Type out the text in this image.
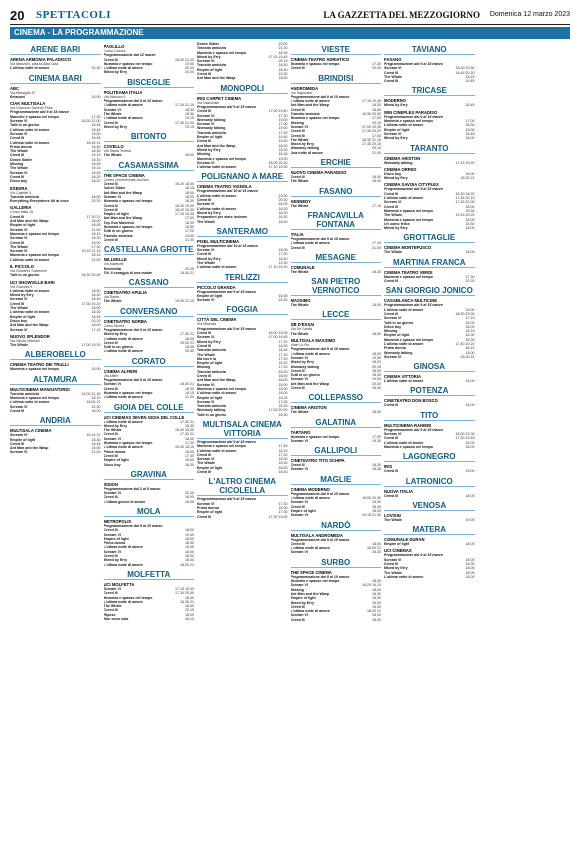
20 SPETTACOLI	LA GAZZETTA DEL MEZZOGIORNO Domenica 12 marzo 2023
CINEMA - LA PROGRAMMAZIONE
ARENE BARI
ARENA ARMONIA PALADISCO
Via Manzoni, piazza Alba Diaz
L'ultima notte di amore	20,30
CINEMA BARI
ABC
Via Marsiglio 47
Emanuel	18,00
CIAK MULTISALA
Via Giacomo Saverio Fiore
Programmazione dal 9 al 15 marzo
Marcello e spasso nel tempo	17,30
Scream VI	18,30 21,00
Tutti in un giorno	18,45
L'ultima notte di amore	18,45
Scream VI	19,00
Creed III	18,45
L'ultima notte di amore	18,45 21
Prima donna	18,40
The Whale	18,30
Creed III	19,15
Donec Slater	18,30
Missing	18,45
The Whale	19,15
Scream VI	18,45
Creed III	18,20
Disco boy	18,20
ESEDRA
Via Calefati 4
Transito amicizia	18,00
Everything Everywhere All at once	20,30
GALLERIA
Corso Italia 15
Creed III	17,30 21
Ant Man and the Wasp	18,00
Empire of light	18,45
Scream VI	21,00
Mummia e spasso nel tempo	18,15
Scream VI	18,30
Creed III	19,00
The Whale	17,30
Scream VI	19,15 21,15
Mummia e spasso nel tempo	18,15
L'ultima notte di amore	21,00
IL PICCOLO
Via Giovanni Salvemini
Tutti in un giorno	18,30 20,45
UCI SHOWVILLE BARI
Via Giannini 9
L'ultima notte di amore	18,00
Mixed by Erry	18,40
Scream VI	18,45
Creed III	17,30 20,20
The Whale	18,00
L'ultima notte di amore	18,30
Empire of light	18,45
Disco boy	20,10
Ant Man and the Wasp	18,00
Scream VI	17,15
NUOVO SPLENDOR
Via Nicola Imbriani
The Whale	17,00 19,30
ALBEROBELLO
CINEMA TEATRO DEI TRULLI
Mummia e spasso nel tempo	18,00
ALTAMURA
MULTICINEMA MANGIATORDI
Transito amicizia	19,00 21,30
Mummia e spasso nel tempo	18,15
L'ultima notte di amore	18,00 21
Scream VI	21,30
Creed III	18,00
ANDRIA
MULTISALA CINEMA
Scream VI	18,15 21
Empire of light	18,30
Creed III	18,45
Ant Man and the Wasp	18,00
Scream VI	21,00
PAOLILLO
Corso Cavour
Programmazione dal 12 marzo
Creed III	18,00 21,00
Mummia e spasso nel tempo	19,00
L'ultima notte di amore	20,00
Mixed by Erry	20,00
BISCEGLIE
POLITEAMA ITALIA
Via Marconi 5
Programmazione dal 9 al 15 marzo
L'ultima notte di amore	17,15 21,15
Scream VI	18,30
The Whale	18,30
L'ultima notte di amore	19,15
Creed III	17,30 21,00
Mixed by Erry	19,15
BITONTO
COVELLO
Via Santa Teresa
The Whale	18,00
CASAMASSIMA
THE SPACE CINEMA
Centro commerciale Auchan
Creed III	16,20 18,40
Donec Slater	18,15
Ant Man and the Wasp	18,00
Scream VI	18,00
Mummia e spasso nel tempo	18,30
Creed III	16,30 19,00
Creed III	16,20 19,30
Empire of light	17,15 19,45
Ant Man and the Wasp	17,00
Top Gun Maverick	18,30
Mummia e spasso nel tempo	16,50
Tutti in un giorno	17,20
Transito amicizia	14,00
Creed III	21,00
CASTELLANA GROTTE
MILLEELLE
Via Matteotti
Benedetta	20,00
Till. Il coraggio di una madre	18,40 21
CASSANO
CINETEATRO APULIA
Via Dante
The Whale	19,00 21,15
CONVERSANO
CINETEATRO NORBA
Corso Morea
Programmazione dal 9 al 15 marzo
Mixed by Erry	17,30 21
L'ultima notte di amore	18,00
Creed III	19,00 21
Tutti in un giorno	18,30
L'ultima notte di amore	20,40
CORATO
CINEMA ALFIERI
Via Alfieri
Programmazione dal 9 al 15 marzo
Scream VI	18,00 21
Creed III	18,30
Mummia e spasso nel tempo	18,15
L'ultima notte di amore	21,00
GIOIA DEL COLLE
UCI CINEMAS SEVEN GIOIA DEL COLLE
L'ultima notte di amore	17,30 21
Mixed by Erry	18,30
The Whale	18,40 19,30
Creed III	17,30 21
Scream VI	18,00
Mummia e spasso nel tempo	17,30
L'ultima notte di amore	15,40 18,15
Prima donna	18,00
Creed III	17,30
Empire of light	18,00
Disco boy	18,30
GRAVINA
SIDION
Programmazione dal 2 al 8 marzo
Scream VI	20,30
Creed III	18,00
L'ultima giorno di amore	18,00
MOLA
METROPOLIS
Programmazione dal 9 al 15 marzo
Creed III	18,00
Scream VI	19,40
Empire of light	18,00
Prima donna	18,30
L'ultima notte di amore	19,45
Scream VI	18,00
Creed III	18,30
Mixed by Erry	18,00
L'ultima notte di amore	18,00 21
MOLFETTA
UCI MOLFETTA
Scream VI	17,15 19,30
Creed III	17,30 20,00
Mummia e spasso nel tempo	18,40
L'ultima notte di amore	16,35 21
The Whale	18,40
Creed III	20,15
Ripose	18,00
Non sono sola	18,10
Donec Slater	19,00
Transito amicizia	21,30
Mummia e spasso nel tempo	18,30
Mixed by Erry	17,15 19,45
Scream VI	20,15
Transito amicizia	18,30
Empire of light	18,40
Creed III	19,30
Ant Man and the Wasp	18,00
MONOPOLI
IRIS CARPET CINEMA
Via Nazionale
Programmazione dal 9 al 15 marzo
Creed III	17,00 19,40
Scream VI	17,30
Womanly talking	19,00
Scream VI	17,00
Womanly talking	19,00
Transito amicizia	17,30
Empire of light	19,40
Creed III	19,30
Ant Man and the Wasp	18,00
Mixed by Erry	18,30
Missing	18,30
Mummia e spasso nel tempo	19,00
Scream VI	18,00 20,30
L'ultima notte di amore	17,10 19,30
POLIGNANO A MARE
CINEMA TEATRO VIGNOLA
Programmazione dal 10 al 15 marzo
L'ultima notte di amore	19,30
Creed III	20,30
Scream VI	18,00
L'ultima notte di amore	18,20
Mixed by Erry	18,30
Preparatevi per stare insieme	18,30
The Whale	18,00
SANTERAMO
PIXEL MULTICINEMA
Programmazione dal 10 al 15 marzo
Scream VI	18,00
Creed III	17,30
Mixed by Erry	18,40
The Whale	19,30
L'ultima notte di amore	17,10 19,30
TERLIZZI
PICCOLO GRANDA
Programmazione dal 9 al 15 marzo
Empire of light	18,45
Scream VI	18,30
FOGGIA
CITTÀ DEL CINEMA
Via Miranda
Programmazione dal 9 al 15 marzo
Creed III	16,00 19,00
Scream VI	17,00 19,45
Mixed by Erry	17,10
Creed III	18,30
Transito amicizia	18,45
The Whale	17,10
Ma cos'è la	17,20
Empire of light	18,20
Missing	17,20
Transito amicizia	18,20
Creed III	16,00
Ant Man and the Wasp	18,00
Scream VI	19,00
Mummia e spasso nel tempo	18,00
L'ultima notte di amore	18,00
Empire of light	18,25
Scream VI	17,30
Transito amicizia	18,25
Womanly talking	17,00 20,00
Tutti in un giorno	18,30
MULTISALA CINEMA VITTORIA
Programmazione dal 9 al 15 marzo
Mummia e spasso nel tempo	17,45
L'ultima notte di amore	18,15
Creed III	17,30
Scream VI	18,00
The Whale	18,30
Empire of light	18,00
Creed III	18,40
L'ALTRO CINEMA CICOLELLA
Programmazione dal 9 al 15 marzo
Scream VI	17,30
Prima donna	18,00
Empire of light	17,30
Creed III	17,30 19,00
VIESTE
CINEMA-TEATRO ADRIATICO
Mummia e spasso nel tempo	17,30
Creed III	20,00
BRINDISI
ANDROMEDA
Via Saponaro
Programmazione dal 9 al 15 marzo
L'ultima notte di amore	17,15 19,45
Ant Man and the Wasp	18,30
Creed III	16,00
Transito amicizia	18,30 20,30
Mummia e spasso nel tempo	17,00
Missing	20,15
Scream VI	17,00 19,30
Creed III	17,30 20,20
Creed III	17,00
The Whale	18,30 21,15
Mixed by Erry	17,45 20,15
Womanly talking	20,15
Una notte di amore	21,00
ERCHIE
NUOVO CINEMA PARADISO
Creed III	18,00
The Whale	18,30
FASANO
KENNEDY
The Whale	17,19
FRANCAVILLA FONTANA
ITALIA
Programmazione dal 9 al 15 marzo
L'ultima notte di amore	17,19
Creed III	21,00
MESAGNE
COMUNALE
The Whale	18,30
SAN PIETRO VERNOTICO
MASSIMO
The Whale	18,00
LECCE
DB D'ESSAI
Via De Santis
The Whale	18,00
MULTISALA MASSIMO
Viale Lo Re
Programmazione dal 9 al 15 marzo
L'ultima notte di amore	18,00
Scream VI	19,30
Mixed by Erry	18,00
Womanly talking	20,15
Creed III	18,00
Tutti in un giorno	18,30
Scream VI	19,00
Ant Man and the Wasp	20,00
Creed III	18,00
COLLEPASSO
CINEMA ARISTON
The Whale	18,30
GALATINA
TARTARO
Mummia e spasso nel tempo	17,00
Scream VI	19,30
GALLIPOLI
CINETEATRO TITO SCHIPA
Creed III	18,30
Scream VI	18,30
MAGLIE
CINEMA MODERNO
Programmazione dal 9 al 15 marzo
L'ultima notte di amore	18,00 20,30
Scream VI	18,30
Creed III	18,40
Empire of light	18,00
Scream VI	19,15 21,30
NARDÒ
MULTISALA ANDROMEDA
Programmazione dal 9 al 15 marzo
Creed III	18,00
L'ultima notte di amore	18,00 21
Scream VI	18,30
SURBO
THE SPACE CINEMA
Programmazione dal 9 al 15 marzo
Mummia e spasso nel tempo	18,00
Scream VI	16,20 19,10
Missing	18,00
Ant Man and the Wasp	18,30
Empire of light	18,30
Mixed by Erry	18,00
Creed III	16,30
L'ultima notte di amore	18,20 21
Scream VI	18,00
Creed III	18,00
TAVIANO
FASANO
Programmazione dal 9 al 15 marzo
Scream VI	18,00 20,30
Creed III	18,45 20,20
The Whale	18,15
Creed III	19,45
TRICASE
MODERNO
Mixed by Erry	18,45
WIN CINEPLEX PARADISO
Programmazione dal 9 al 15 marzo
Mummia e spasso nel tempo	17,00
L'ultima notte di amore	18,30
Empire of light	18,00
Scream VI	18,45
Mixed by Erry	18,00
TARANTO
CINEMA ARISTON
Womanly talking	17,15 19,20
CINEMA ORFEO
Disco boy	18,00
Mixed by Erry	18,30 21
CINEMA SAVOIA CITYPLEX
Programmazione dal 9 al 15 marzo
Creed III	16,20 18,20
L'ultima notte di amore	17,45 20,15
Scream VI	17,45 20,00
Creed III	18,00
Mummia e spasso nel tempo	18,30
The Whale	19,15 20,25
Mummia e spasso nel tempo	18,00
Un uomo felice	18,30
Mixed by Erry	18,00
GROTTAGLIE
CINEMA MONTEFUSCO
The Whale	18,00
MARTINA FRANCA
CINEMA TEATRO VERDI
Mummia e spasso nel tempo	17,30
Creed III	20,30
SAN GIORGIO JONICO
CASABLANCA MULTICINE
Programmazione dal 9 al 15 marzo
L'ultima notte di amore	16,00
Creed III	18,00 20,00
Scream VI	17,15
Tutti in un giorno	18,00
Disco boy	18,00
Missing	18,15
Empire of light	18,00
Mummia e spasso nel tempo	16,30
L'ultima notte di amore	17,40 20,20
Prima donna	18,15
Womanly talking	18,00
Scream VI	18,00 21
GINOSA
CINEMA VITTORIA
L'ultima notte di amore	18,00
POTENZA
CINETEATRO DON BOSCO
Creed III	18,00
TITO
MULTICINEMA RANIERI
Programmazione dal 9 al 15 marzo
Scream VI	18,00 21,00
Creed III	17,30 19,45
L'ultima notte di amore	18,00
Mummia e spasso nel tempo	18,00
LAGONEGRO
IRIS
Creed III	19,00
LATRONICO
NUOVA ITALIA
Creed III	18,00
VENOSA
LOVISIN
The Whale	19,00
MATERA
COMUNALE DURAN
Empire of light	18,00
UCI CINEMAS
Programmazione dal 9 al 15 marzo
Scream VI	18,00
Creed III	18,30
Mixed by Erry	18,00
The Whale	18,00
L'ultima notte di amore	18,00
